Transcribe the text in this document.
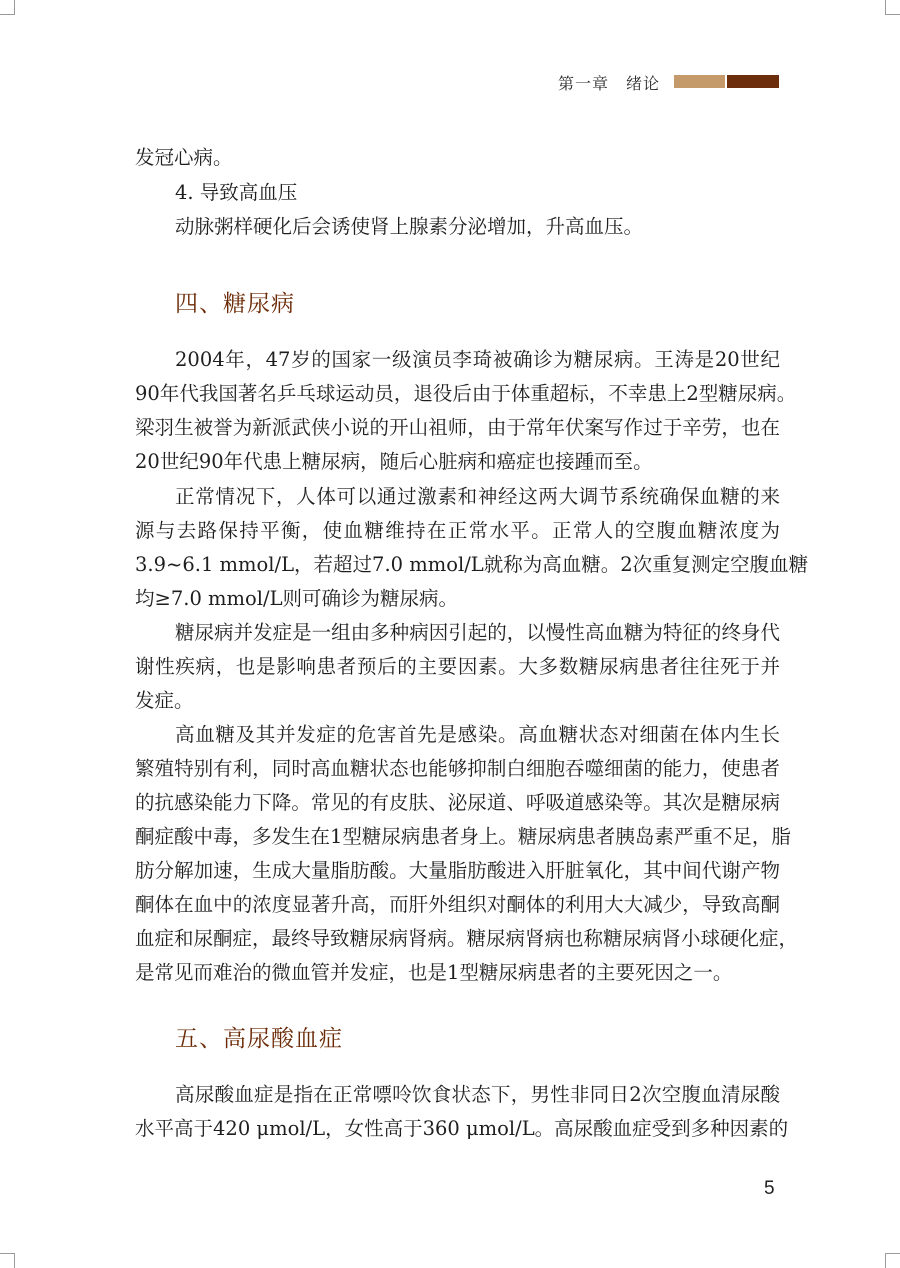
第一章　绪论
发冠心病。
4. 导致高血压
动脉粥样硬化后会诱使肾上腺素分泌增加，升高血压。
四、糖尿病
2004年，47岁的国家一级演员李琦被确诊为糖尿病。王涛是20世纪
90年代我国著名乒乓球运动员，退役后由于体重超标，不幸患上2型糖尿病。
梁羽生被誉为新派武侠小说的开山祖师，由于常年伏案写作过于辛劳，也在
20世纪90年代患上糖尿病，随后心脏病和癌症也接踵而至。
正常情况下，人体可以通过激素和神经这两大调节系统确保血糖的来
源与去路保持平衡，使血糖维持在正常水平。正常人的空腹血糖浓度为
3.9~6.1 mmol/L，若超过7.0 mmol/L就称为高血糖。2次重复测定空腹血糖
均≥7.0 mmol/L则可确诊为糖尿病。
糖尿病并发症是一组由多种病因引起的，以慢性高血糖为特征的终身代
谢性疾病，也是影响患者预后的主要因素。大多数糖尿病患者往往死于并
发症。
高血糖及其并发症的危害首先是感染。高血糖状态对细菌在体内生长
繁殖特别有利，同时高血糖状态也能够抑制白细胞吞噬细菌的能力，使患者
的抗感染能力下降。常见的有皮肤、泌尿道、呼吸道感染等。其次是糖尿病
酮症酸中毒，多发生在1型糖尿病患者身上。糖尿病患者胰岛素严重不足，脂
肪分解加速，生成大量脂肪酸。大量脂肪酸进入肝脏氧化，其中间代谢产物
酮体在血中的浓度显著升高，而肝外组织对酮体的利用大大减少，导致高酮
血症和尿酮症，最终导致糖尿病肾病。糖尿病肾病也称糖尿病肾小球硬化症，
是常见而难治的微血管并发症，也是1型糖尿病患者的主要死因之一。
五、高尿酸血症
高尿酸血症是指在正常嘌呤饮食状态下，男性非同日2次空腹血清尿酸
水平高于420 μmol/L，女性高于360 μmol/L。高尿酸血症受到多种因素的
5
